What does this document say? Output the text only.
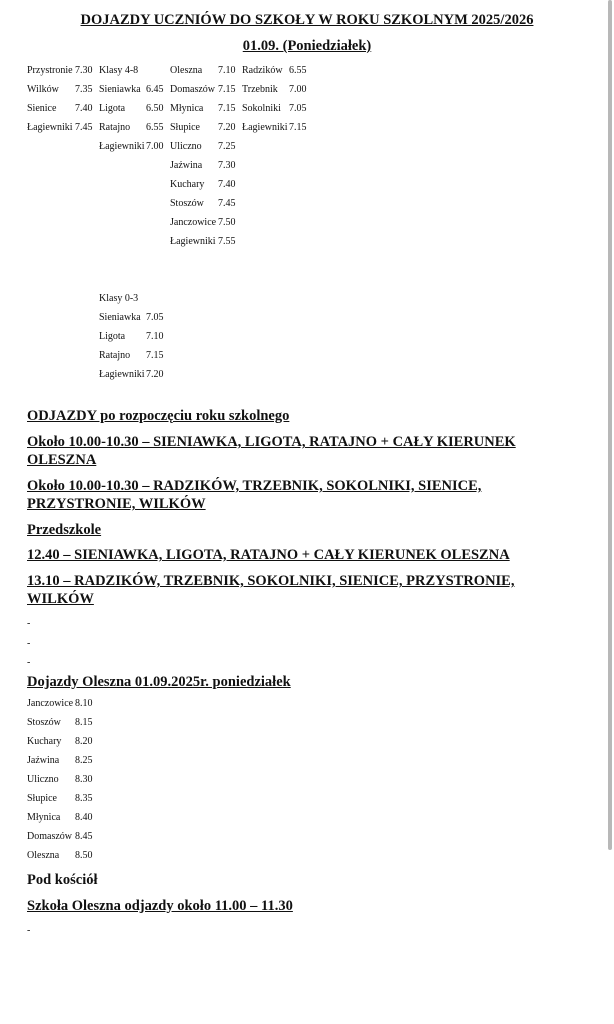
DOJAZDY UCZNIÓW DO SZKOŁY W ROKU SZKOLNYM 2025/2026
01.09. (Poniedziałek)
Przystronie 7.30
Wilków 7.35
Sienice 7.40
Łagiewniki 7.45
Klasy 4-8
Sieniawka 6.45
Ligota 6.50
Ratajno 6.55
Łagiewniki 7.00
Oleszna 7.10
Domaszów 7.15
Młynica 7.15
Słupice 7.20
Uliczno 7.25
Jaźwina 7.30
Kuchary 7.40
Stoszów 7.45
Janczowice 7.50
Łagiewniki 7.55
Radzików 6.55
Trzebnik 7.00
Sokolniki 7.05
Łagiewniki 7.15
Klasy 0-3
Sieniawka 7.05
Ligota 7.10
Ratajno 7.15
Łagiewniki 7.20
ODJAZDY po rozpoczęciu roku szkolnego
Około 10.00-10.30 – SIENIAWKA, LIGOTA, RATAJNO + CAŁY KIERUNEK OLESZNA
Około 10.00-10.30 – RADZIKÓW, TRZEBNIK, SOKOLNIKI, SIENICE, PRZYSTRONIE, WILKÓW
Przedszkole
12.40 – SIENIAWKA, LIGOTA, RATAJNO + CAŁY KIERUNEK OLESZNA
13.10 – RADZIKÓW, TRZEBNIK, SOKOLNIKI, SIENICE, PRZYSTRONIE, WILKÓW
-
-
-
Dojazdy Oleszna 01.09.2025r. poniedziałek
Janczowice 8.10
Stoszów 8.15
Kuchary 8.20
Jaźwina 8.25
Uliczno 8.30
Słupice 8.35
Młynica 8.40
Domaszów 8.45
Oleszna 8.50
Pod kościół
Szkoła Oleszna odjazdy około 11.00 – 11.30
-
